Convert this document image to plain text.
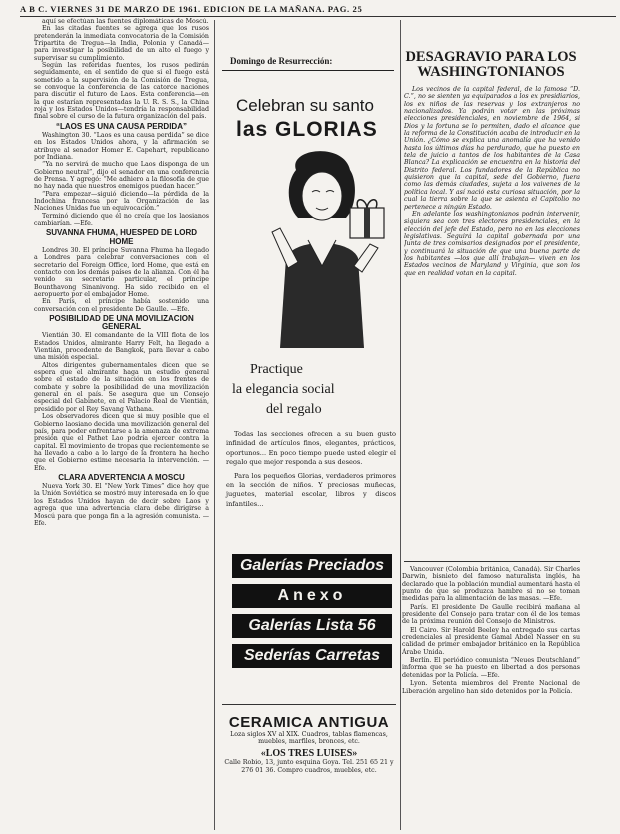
A B C. VIERNES 31 DE MARZO DE 1961. EDICION DE LA MAÑANA. PAG. 25

aquí se efectúan las fuentes diplomáticas de Moscú.

En las citadas fuentes se agrega que los rusos pretenderán la inmediata convocatoria de la Comisión Tripartita de Tregua—la India, Polonia y Canadá—para investigar la posibilidad de un alto el fuego y supervisar su cumplimiento.

Según las referidas fuentes, los rusos pedirán seguidamente, en el sentido de que si el fuego está sometido a la supervisión de la Comisión de Tregua, se convoque la conferencia de las catorce naciones para discutir el futuro de Laos. Esta conferencia—en la que estarían representadas la U. R. S. S., la China roja y los Estados Unidos—tendría la responsabilidad final sobre el curso de la futura organización del país.

“LAOS ES UNA CAUSA PERDIDA”

Washington 30. “Laos es una causa perdida” se dice en los Estados Unidos ahora, y la afirmación se atribuye al senador Homer E. Capehart, republicano por Indiana.

“Ya no servirá de mucho que Laos disponga de un Gobierno neutral”, dijo el senador en una conferencia de Prensa. Y agregó: “Me adhiero a la filosofía de que no hay nada que nuestros enemigos puedan hacer.”

“Para empezar—siguió diciendo—la pérdida de la Indochina francesa por la Organización de las Naciones Unidas fue un equivocación.”

Terminó diciendo que él no creía que los laosianos cambiarían. —Efe.

SUVANNA FHUMA, HUESPED DE LORD HOME

Londres 30. El príncipe Suvanna Fhuma ha llegado a Londres para celebrar conversaciones con el secretario del Foreign Office, lord Home, que está en contacto con los demás países de la alianza. Con él ha venido su secretario particular, el príncipe Bounthavong Sinanivong. Ha sido recibido en el aeropuerto por el embajador Home.

En París, el príncipe había sostenido una conversación con el presidente De Gaulle. —Efe.

POSIBILIDAD DE UNA MOVILIZACION GENERAL

Vientián 30. El comandante de la VIII flota de los Estados Unidos, almirante Harry Felt, ha llegado a Vientián, procedente de Bangkok, para llevar a cabo una misión especial.

Altos dirigentes gubernamentales dicen que se espera que el almirante haga un estudio general sobre el estado de la situación en los frentes de combate y sobre la posibilidad de una movilización general en el país. Se asegura que un Consejo especial del Gabinete, en el Palacio Real de Vientián, presidido por el Rey Savang Vathana.

Los observadores dicen que si muy posible que el Gobierno laosiano decida una movilización general del país, para poder enfrentarse a la amenaza de extrema presión que el Pathet Lao podría ejercer contra la capital. El movimiento de tropas que recientemente se ha llevado a cabo a lo largo de la frontera ha hecho que el Gobierno estime necesaria la intervención. —Efe.

CLARA ADVERTENCIA A MOSCU

Nueva York 30. El “New York Times” dice hoy que la Unión Soviética se mostró muy interesada en lo que los Estados Unidos hayan de decir sobre Laos y agrega que una advertencia clara debe dirigirse a Moscú para que ponga fin a la agresión comunista. —Efe.

Domingo de Resurrección:
Celebran su santo
las GLORIAS
Practique
la elegancia social
del regalo

Todas las secciones ofrecen a su buen gusto infinidad de artículos finos, elegantes, prácticos, oportunos... En poco tiempo puede usted elegir el regalo que mejor responda a sus deseos.

Para los pequeños Glorias, verdaderos primores en la sección de niños. Y preciosas muñecas, juguetes, material escolar, libros y discos infantiles...

Galerías Preciados
Anexo
Galerías Lista 56
Sederías Carretas
CERAMICA ANTIGUA
Loza siglos XV al XIX. Cuadros, tablas flamencas, muebles, marfiles, bronces, etc.
«LOS TRES LUISES»
Calle Robio, 13, junto esquina Goya. Tel. 251 65 21 y 276 01 36. Compro cuadros, muebles, etc.
DESAGRAVIO PARA LOS
WASHINGTONIANOS

Los vecinos de la capital federal, de la famosa “D. C.”, no se sienten ya equiparados a los ex presidiarios, los ex niños de las reservas y los extranjeros no nacionalizados. Ya podrán votar en las próximas elecciones presidenciales, en noviembre de 1964, si Dios y la fortuna se lo permiten, dado el alcance que la reforma de la Constitución acaba de introducir en la Unión. ¿Cómo se explica una anomalía que ha venido hasta los últimos días ha perdurado, que ha puesto en tela de juicio a tantos de los habitantes de la Casa Blanca? La explicación se encuentra en la historia del Distrito federal. Los fundadores de la República no quisieron que la capital, sede del Gobierno, fuera como las demás ciudades, sujeta a los vaivenes de la política local. Y así nació esta curiosa situación, por la cual la tierra sobre la que se asienta el Capitolio no pertenece a ningún Estado.

En adelante los washingtonianos podrán intervenir, siquiera sea con tres electores presidenciales, en la elección del jefe del Estado, pero no en las elecciones legislativas. Seguirá la capital gobernada por una Junta de tres comisarios designados por el presidente, y continuará la situación de que una buena parte de los habitantes —los que allí trabajan— viven en los Estados vecinos de Maryland y Virginia, que son los que en realidad votan en la capital.

Vancouver (Colombia británica, Canadá). Sir Charles Darwin, bisnieto del famoso naturalista inglés, ha declarado que la población mundial aumentará hasta el punto de que se produzca hambre si no se toman medidas para la alimentación de las masas. —Efe.

París. El presidente De Gaulle recibirá mañana al presidente del Consejo para tratar con él de los temas de la próxima reunión del Consejo de Ministros.

El Cairo. Sir Harold Beeley ha entregado sus cartas credenciales al presidente Gamal Abdel Nasser en su calidad de primer embajador británico en la República Árabe Unida.

Berlín. El periódico comunista “Neues Deutschland” informa que se ha puesto en libertad a dos personas detenidas por la Policía. —Efe.

Lyon. Setenta miembros del Frente Nacional de Liberación argelino han sido detenidos por la Policía.

​
